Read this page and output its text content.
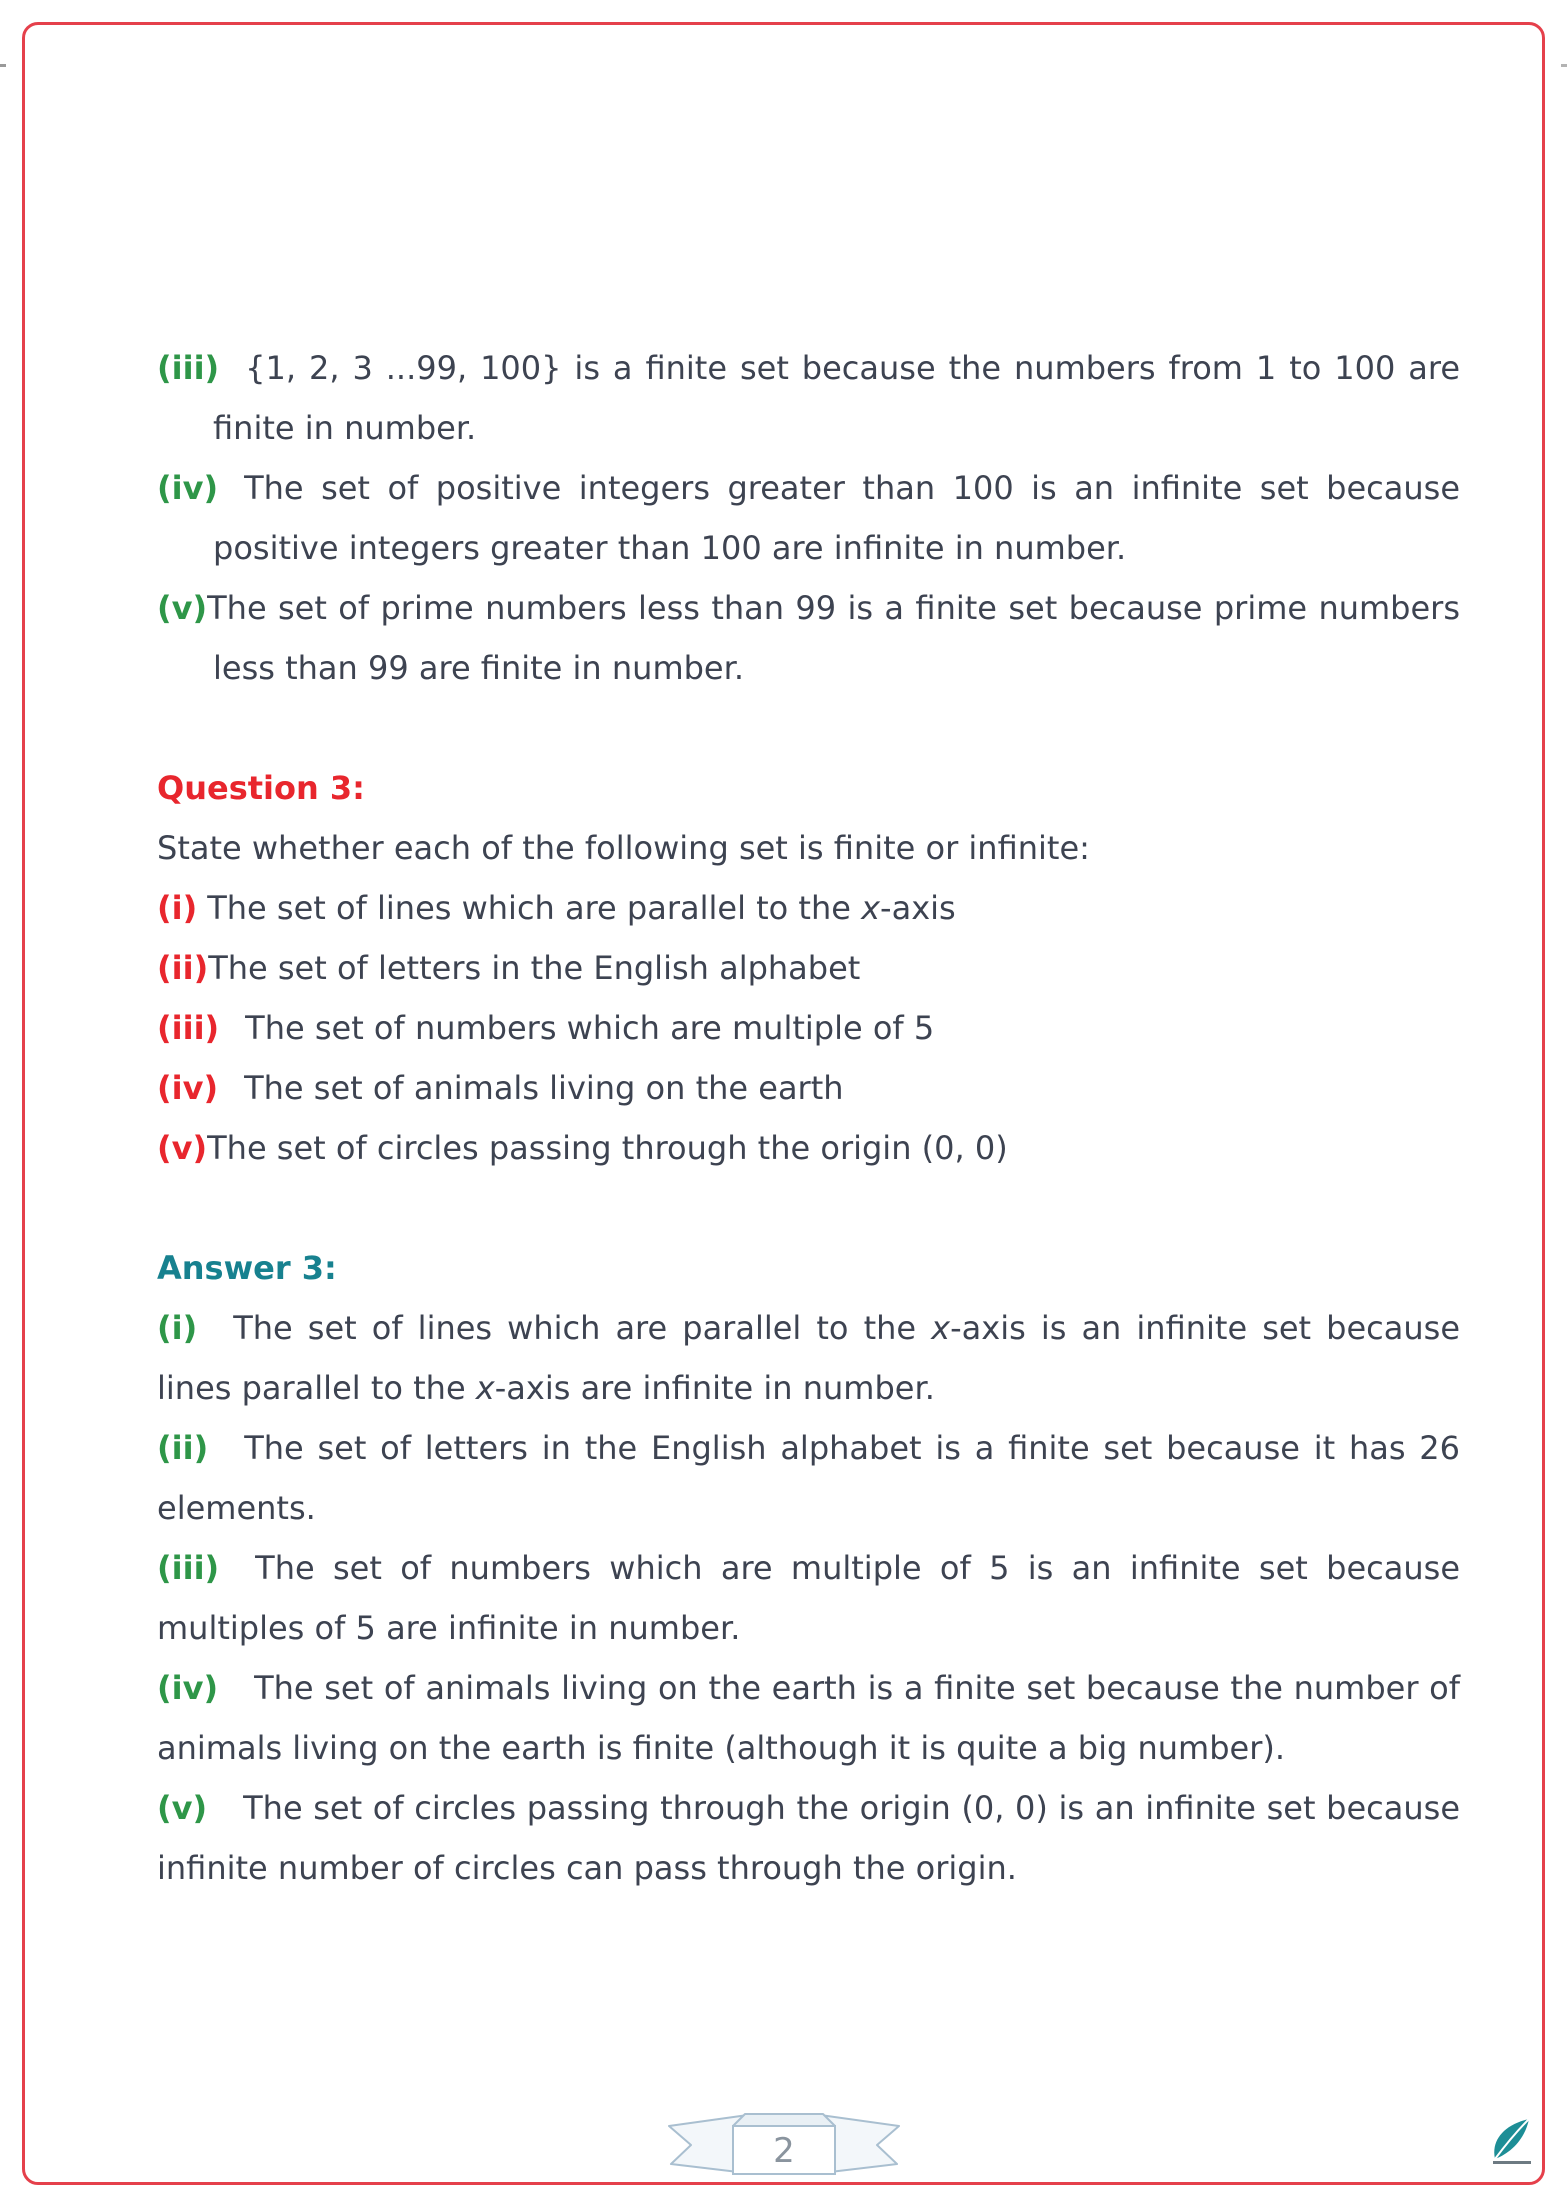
(iii) {1, 2, 3 ...99, 100} is a finite set because the numbers from 1 to 100 are finite in number.

(iv) The set of positive integers greater than 100 is an infinite set because positive integers greater than 100 are infinite in number.

(v)The set of prime numbers less than 99 is a finite set because prime numbers less than 99 are finite in number.

Question 3:

State whether each of the following set is finite or infinite:

(i) The set of lines which are parallel to the x-axis

(ii)The set of letters in the English alphabet

(iii) The set of numbers which are multiple of 5

(iv) The set of animals living on the earth

(v)The set of circles passing through the origin (0, 0)

Answer 3:

(i) The set of lines which are parallel to the x-axis is an infinite set because lines parallel to the x-axis are infinite in number.

(ii) The set of letters in the English alphabet is a finite set because it has 26 elements.

(iii) The set of numbers which are multiple of 5 is an infinite set because multiples of 5 are infinite in number.

(iv) The set of animals living on the earth is a finite set because the number of animals living on the earth is finite (although it is quite a big number).

(v) The set of circles passing through the origin (0, 0) is an infinite set because infinite number of circles can pass through the origin.

2
